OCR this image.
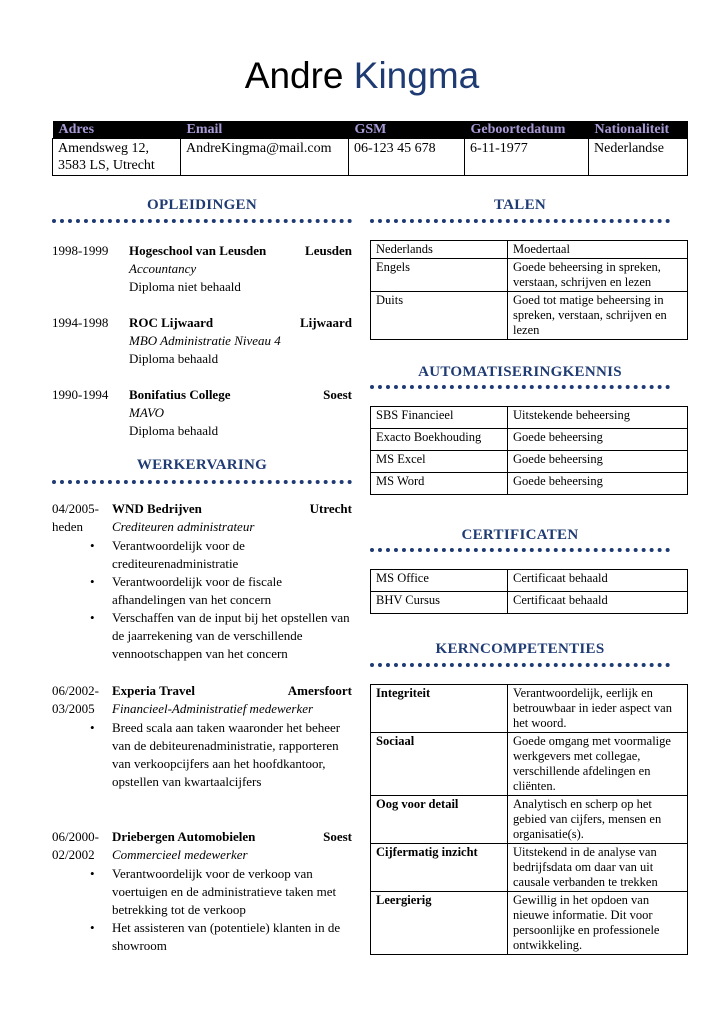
Andre Kingma
Adres	Email	GSM	Geboortedatum	Nationaliteit

Amendsweg 12,
3583 LS, Utrecht	AndreKingma@mail.com	06-123 45 678	6-11-1977	Nederlandse
OPLEIDINGEN
1998-1999 Hogeschool van Leusden	Leusden
Accountancy
Diploma niet behaald
1994-1998 ROC Lijwaard	Lijwaard
MBO Administratie Niveau 4
Diploma behaald
1990-1994 Bonifatius College	Soest
MAVO
Diploma behaald
WERKERVARING
04/2005-
heden
WND Bedrijven	Utrecht
Crediteuren administrateur
• Verantwoordelijk voor de crediteurenadministratie
• Verantwoordelijk voor de fiscale afhandelingen van het concern
• Verschaffen van de input bij het opstellen van de jaarrekening van de verschillende vennootschappen van het concern
06/2002-
03/2005
Experia Travel	Amersfoort
Financieel-Administratief medewerker
• Breed scala aan taken waaronder het beheer van de debiteurenadministratie, rapporteren van verkoopcijfers aan het hoofdkantoor, opstellen van kwartaalcijfers
06/2000-
02/2002
Driebergen Automobielen	Soest
Commercieel medewerker
• Verantwoordelijk voor de verkoop van voertuigen en de administratieve taken met betrekking tot de verkoop
• Het assisteren van (potentiele) klanten in de showroom
TALEN
Nederlands	Moedertaal
Engels	Goede beheersing in spreken, verstaan, schrijven en lezen
Duits	Goed tot matige beheersing in spreken, verstaan, schrijven en lezen
AUTOMATISERINGKENNIS
SBS Financieel	Uitstekende beheersing
Exacto Boekhouding	Goede beheersing
MS Excel	Goede beheersing
MS Word	Goede beheersing
CERTIFICATEN
MS Office	Certificaat behaald
BHV Cursus	Certificaat behaald
KERNCOMPETENTIES
Integriteit	Verantwoordelijk, eerlijk en betrouwbaar in ieder aspect van het woord.
Sociaal	Goede omgang met voormalige werkgevers met collegae, verschillende afdelingen en cliënten.
Oog voor detail	Analytisch en scherp op het gebied van cijfers, mensen en organisatie(s).
Cijfermatig inzicht	Uitstekend in de analyse van bedrijfsdata om daar van uit causale verbanden te trekken
Leergierig	Gewillig in het opdoen van nieuwe informatie. Dit voor persoonlijke en professionele ontwikkeling.
